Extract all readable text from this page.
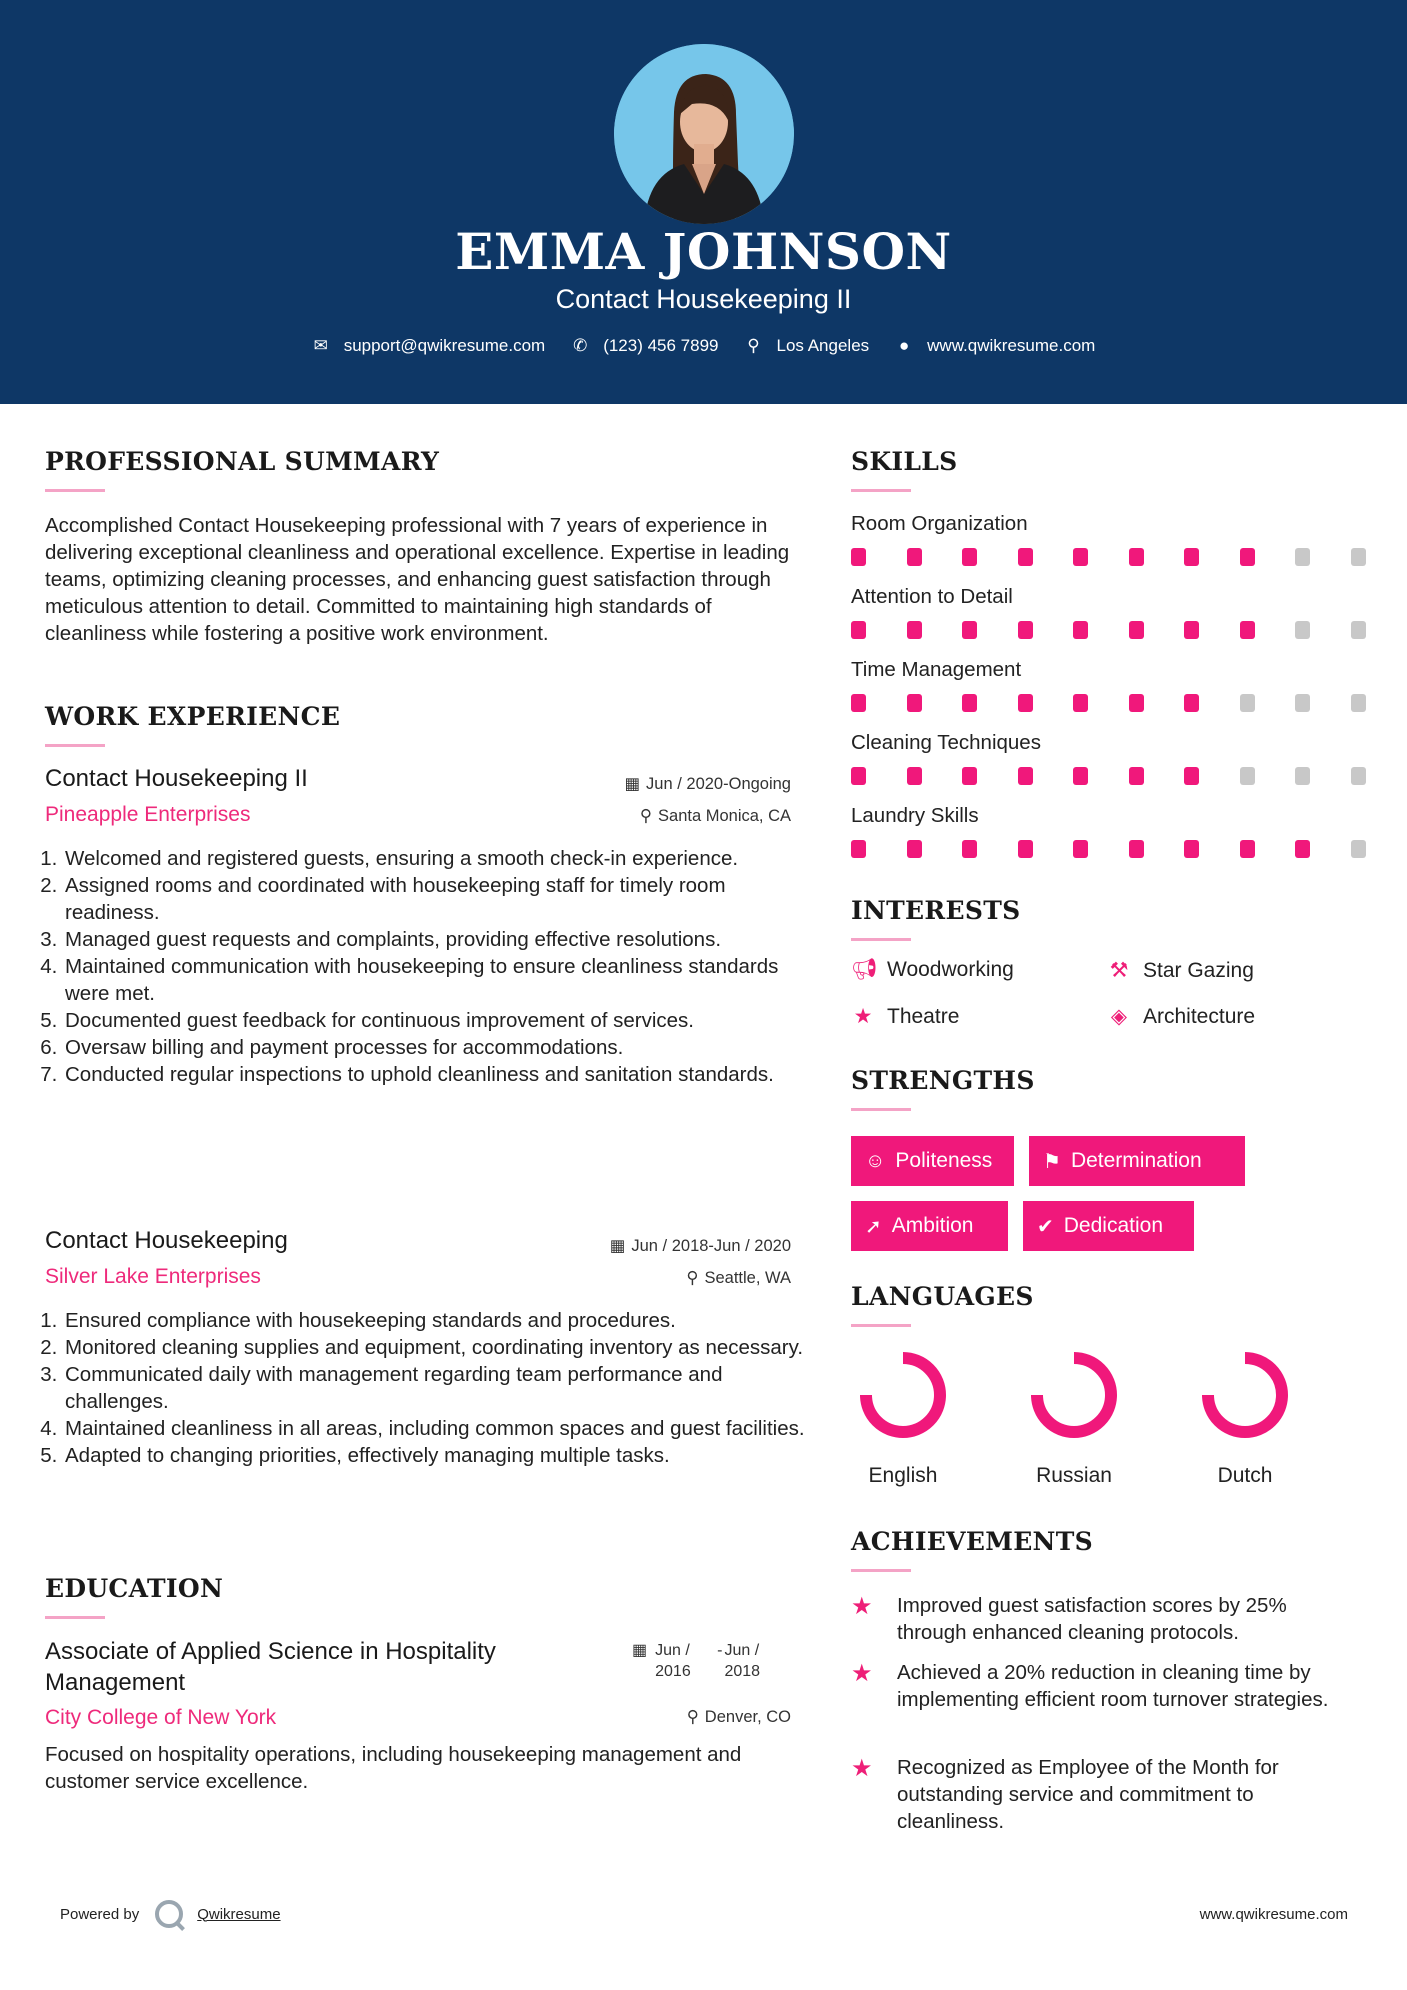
EMMA JOHNSON
Contact Housekeeping II
✉ support@qwikresume.com ✆ (123) 456 7899 ⚲ Los Angeles ● www.qwikresume.com
PROFESSIONAL SUMMARY
Accomplished Contact Housekeeping professional with 7 years of experience in delivering exceptional cleanliness and operational excellence. Expertise in leading teams, optimizing cleaning processes, and enhancing guest satisfaction through meticulous attention to detail. Committed to maintaining high standards of cleanliness while fostering a positive work environment.
WORK EXPERIENCE
Contact Housekeeping II	▦ Jun / 2020-Ongoing
Pineapple Enterprises	⚲ Santa Monica, CA
1. Welcomed and registered guests, ensuring a smooth check-in experience.
2. Assigned rooms and coordinated with housekeeping staff for timely room readiness.
3. Managed guest requests and complaints, providing effective resolutions.
4. Maintained communication with housekeeping to ensure cleanliness standards were met.
5. Documented guest feedback for continuous improvement of services.
6. Oversaw billing and payment processes for accommodations.
7. Conducted regular inspections to uphold cleanliness and sanitation standards.
Contact Housekeeping	▦ Jun / 2018-Jun / 2020
Silver Lake Enterprises	⚲ Seattle, WA
1. Ensured compliance with housekeeping standards and procedures.
2. Monitored cleaning supplies and equipment, coordinating inventory as necessary.
3. Communicated daily with management regarding team performance and challenges.
4. Maintained cleanliness in all areas, including common spaces and guest facilities.
5. Adapted to changing priorities, effectively managing multiple tasks.
EDUCATION
Associate of Applied Science in Hospitality Management
▦ Jun / 2016
- Jun / 2018
City College of New York	⚲ Denver, CO
Focused on hospitality operations, including housekeeping management and customer service excellence.
SKILLS
Room Organization
Attention to Detail
Time Management
Cleaning Techniques
Laundry Skills
INTERESTS
📢︎ Woodworking	⚒ Star Gazing
★ Theatre	◈ Architecture
STRENGTHS
☺ Politeness	⚑ Determination
➚ Ambition	✔ Dedication
LANGUAGES
English	Russian	Dutch
ACHIEVEMENTS
★	Improved guest satisfaction scores by 25% through enhanced cleaning protocols.
★	Achieved a 20% reduction in cleaning time by implementing efficient room turnover strategies.
★	Recognized as Employee of the Month for outstanding service and commitment to cleanliness.
Powered by	Qwikresume	www.qwikresume.com
